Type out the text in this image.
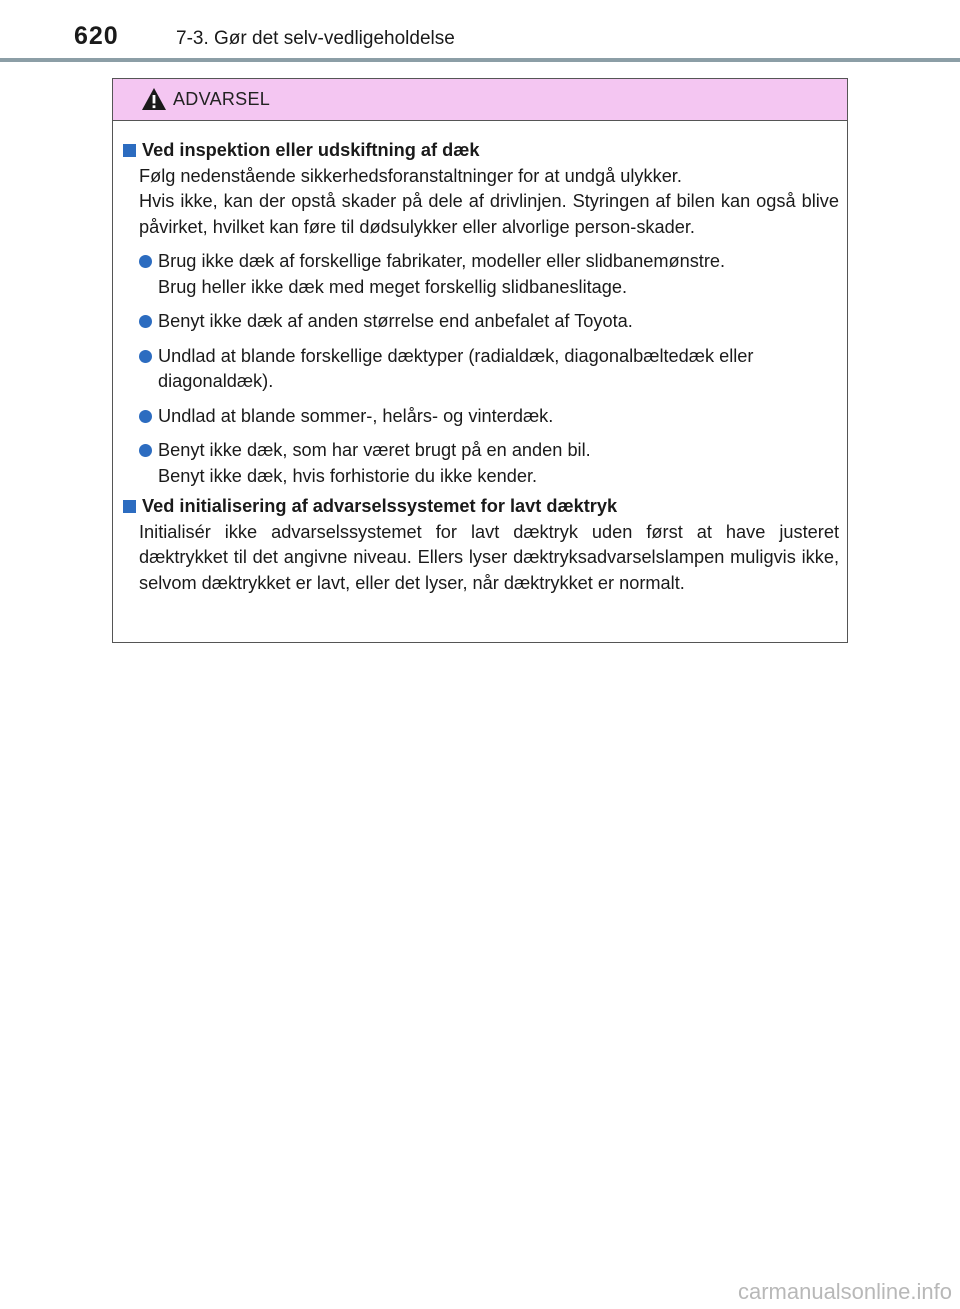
620	7-3. Gør det selv-vedligeholdelse
ADVARSEL
Ved inspektion eller udskiftning af dæk
Følg nedenstående sikkerhedsforanstaltninger for at undgå ulykker.
Hvis ikke, kan der opstå skader på dele af drivlinjen. Styringen af bilen kan også blive påvirket, hvilket kan føre til dødsulykker eller alvorlige person-skader.
Brug ikke dæk af forskellige fabrikater, modeller eller slidbanemønstre.
Brug heller ikke dæk med meget forskellig slidbaneslitage.
Benyt ikke dæk af anden størrelse end anbefalet af Toyota.
Undlad at blande forskellige dæktyper (radialdæk, diagonalbæltedæk eller diagonaldæk).
Undlad at blande sommer-, helårs- og vinterdæk.
Benyt ikke dæk, som har været brugt på en anden bil.
Benyt ikke dæk, hvis forhistorie du ikke kender.
Ved initialisering af advarselssystemet for lavt dæktryk
Initialisér ikke advarselssystemet for lavt dæktryk uden først at have justeret dæktrykket til det angivne niveau. Ellers lyser dæktryksadvarselslampen muligvis ikke, selvom dæktrykket er lavt, eller det lyser, når dæktrykket er normalt.
carmanualsonline.info
